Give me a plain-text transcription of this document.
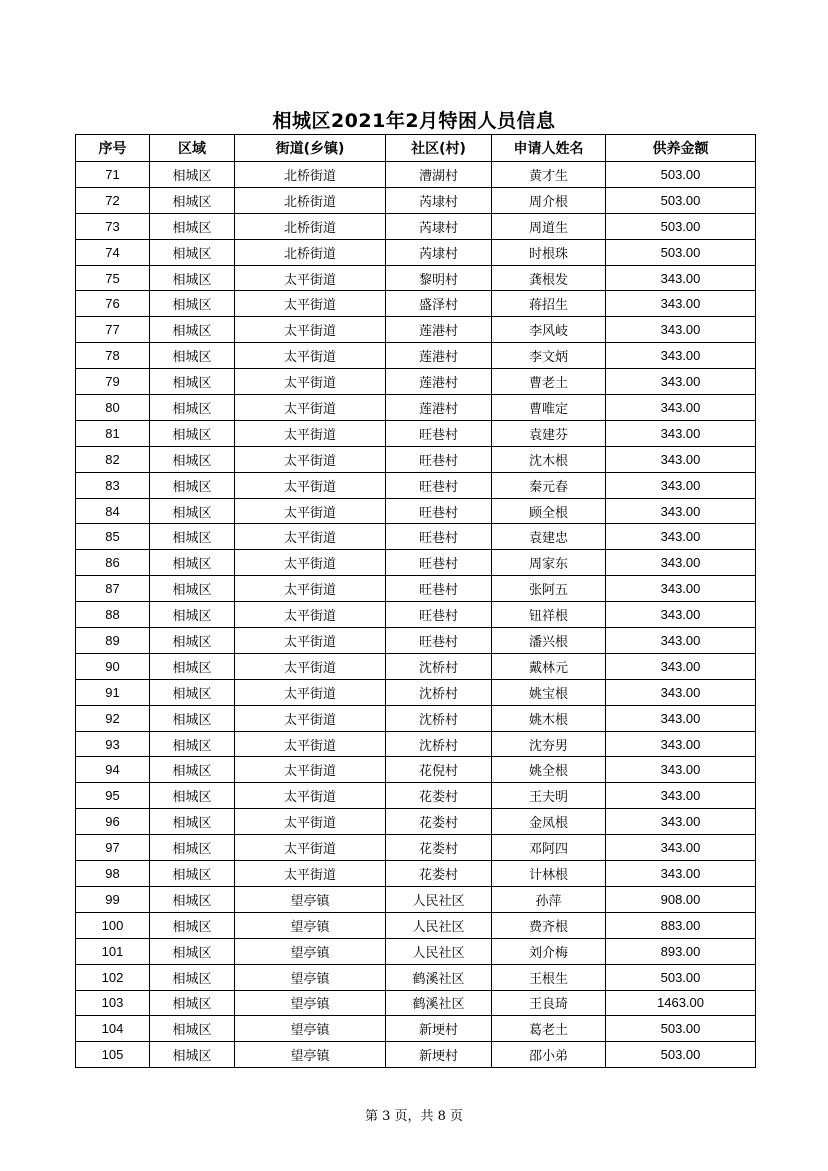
相城区2021年2月特困人员信息
序号	区域	街道(乡镇)	社区(村)	申请人姓名	供养金额
71	相城区	北桥街道	漕湖村	黄才生	503.00
72	相城区	北桥街道	芮埭村	周介根	503.00
73	相城区	北桥街道	芮埭村	周道生	503.00
74	相城区	北桥街道	芮埭村	时根珠	503.00
75	相城区	太平街道	黎明村	龚根发	343.00
76	相城区	太平街道	盛泽村	蒋招生	343.00
77	相城区	太平街道	莲港村	李风岐	343.00
78	相城区	太平街道	莲港村	李文炳	343.00
79	相城区	太平街道	莲港村	曹老土	343.00
80	相城区	太平街道	莲港村	曹唯定	343.00
81	相城区	太平街道	旺巷村	袁建芬	343.00
82	相城区	太平街道	旺巷村	沈木根	343.00
83	相城区	太平街道	旺巷村	秦元春	343.00
84	相城区	太平街道	旺巷村	顾全根	343.00
85	相城区	太平街道	旺巷村	袁建忠	343.00
86	相城区	太平街道	旺巷村	周家东	343.00
87	相城区	太平街道	旺巷村	张阿五	343.00
88	相城区	太平街道	旺巷村	钮祥根	343.00
89	相城区	太平街道	旺巷村	潘兴根	343.00
90	相城区	太平街道	沈桥村	戴林元	343.00
91	相城区	太平街道	沈桥村	姚宝根	343.00
92	相城区	太平街道	沈桥村	姚木根	343.00
93	相城区	太平街道	沈桥村	沈夯男	343.00
94	相城区	太平街道	花倪村	姚全根	343.00
95	相城区	太平街道	花娄村	王夫明	343.00
96	相城区	太平街道	花娄村	金凤根	343.00
97	相城区	太平街道	花娄村	邓阿四	343.00
98	相城区	太平街道	花娄村	计林根	343.00
99	相城区	望亭镇	人民社区	孙萍	908.00
100	相城区	望亭镇	人民社区	费齐根	883.00
101	相城区	望亭镇	人民社区	刘介梅	893.00
102	相城区	望亭镇	鹤溪社区	王根生	503.00
103	相城区	望亭镇	鹤溪社区	王良琦	1463.00
104	相城区	望亭镇	新埂村	葛老土	503.00
105	相城区	望亭镇	新埂村	邵小弟	503.00
第 3 页，共 8 页
